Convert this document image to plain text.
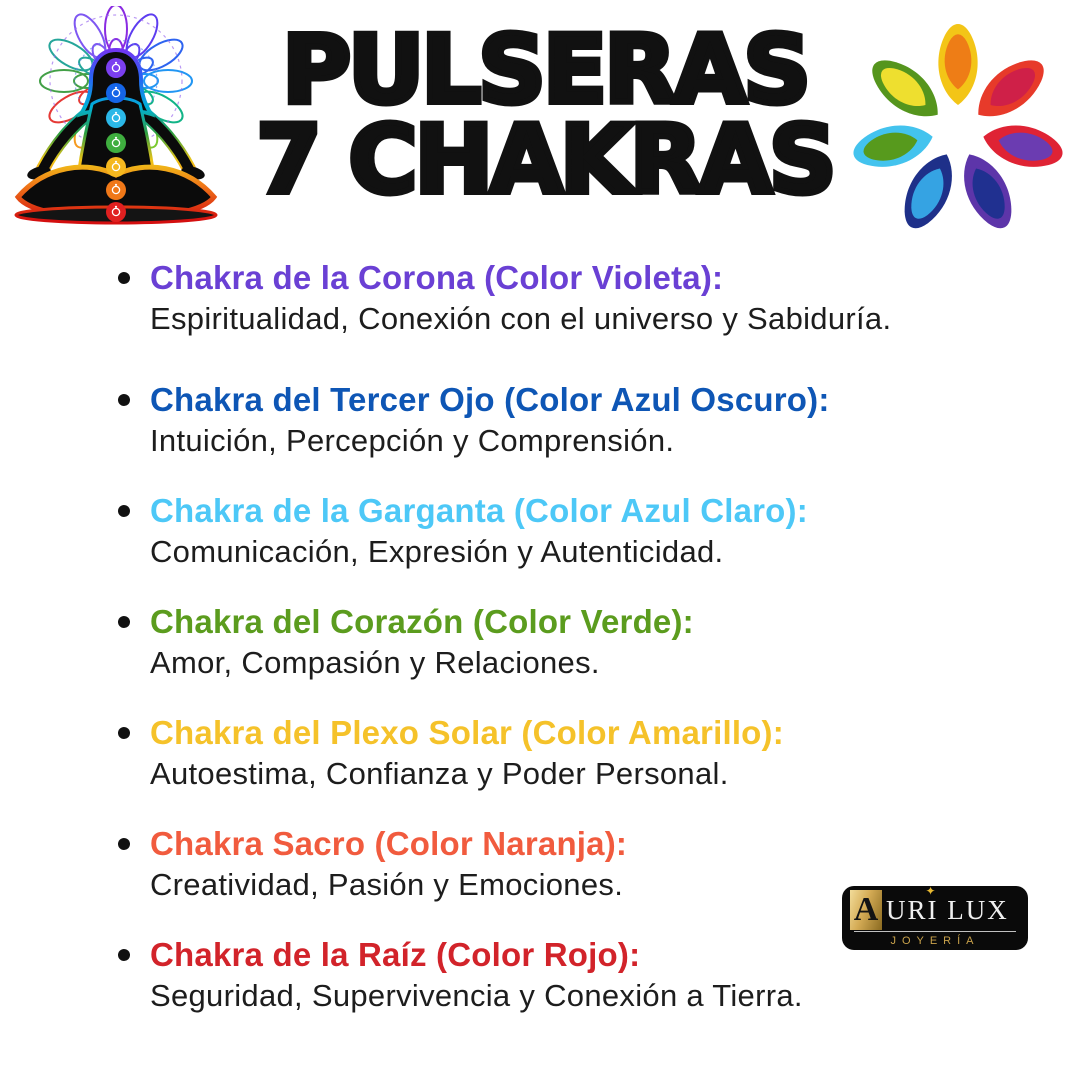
PULSERAS
7 CHAKRAS
Chakra de la Corona (Color Violeta):
Espiritualidad, Conexión con el universo y Sabiduría.
Chakra del Tercer Ojo (Color Azul Oscuro):
Intuición, Percepción y Comprensión.
Chakra de la Garganta (Color Azul Claro):
Comunicación, Expresión y Autenticidad.
Chakra del Corazón (Color Verde):
Amor, Compasión y Relaciones.
Chakra del Plexo Solar (Color Amarillo):
Autoestima, Confianza y Poder Personal.
Chakra Sacro (Color Naranja):
Creatividad, Pasión y Emociones.
Chakra de la Raíz (Color Rojo):
Seguridad, Supervivencia y Conexión a Tierra.
A UR
✦
I LUX
JOYERÍA
